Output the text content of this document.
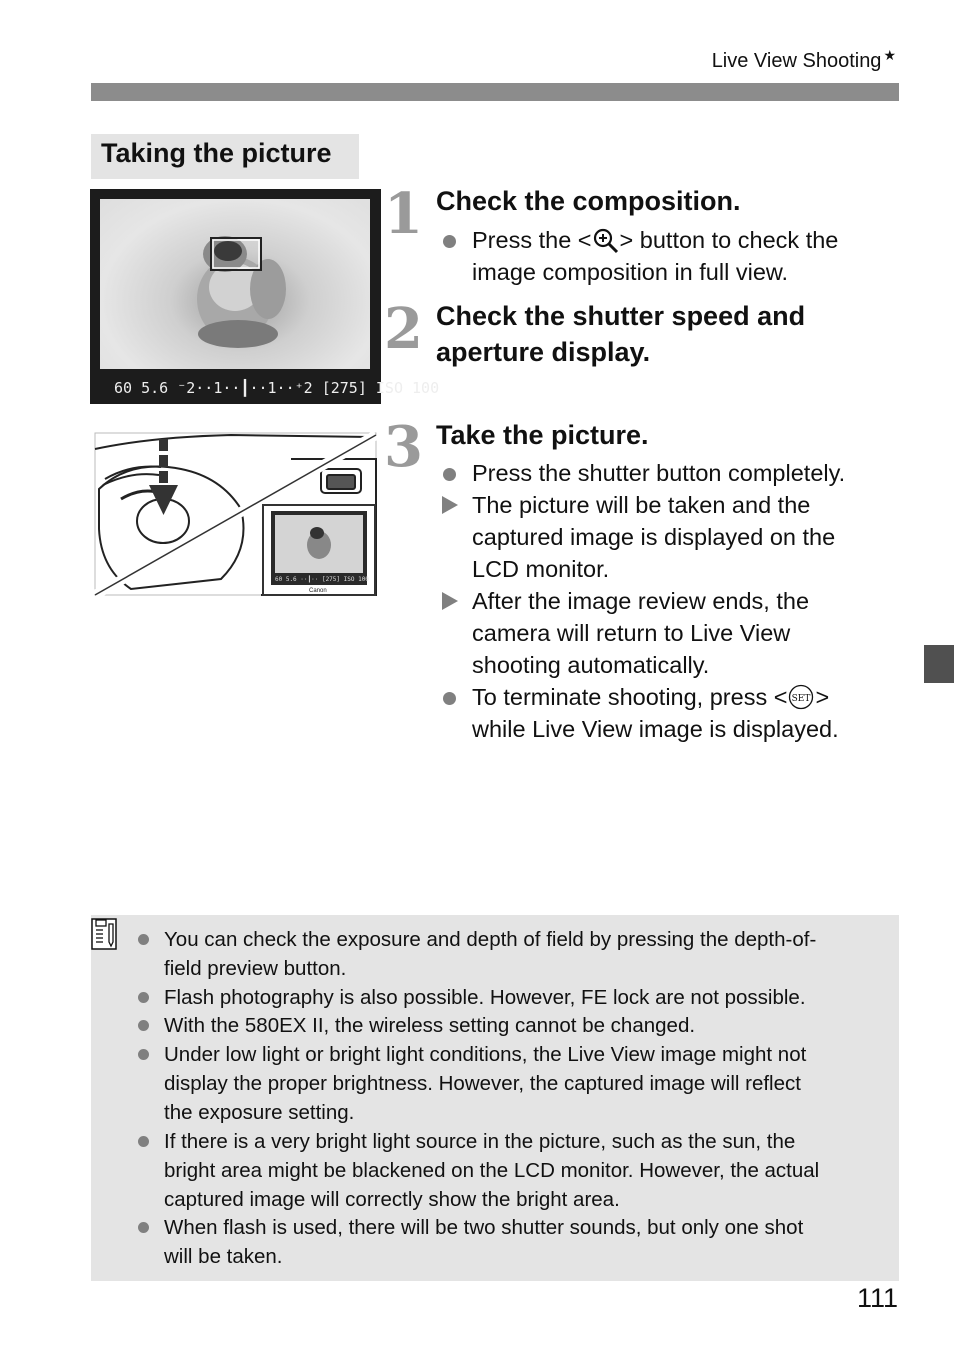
Live View Shooting ★
Taking the picture
60 5.6 ⁻2··1··┃··1··⁺2 [275] ISO 100
60 5.6 ··┃·· [275] ISO 100
Canon
1 Check the composition.
Press the < > button to check the
image composition in full view.
2 Check the shutter speed and
aperture display.
3 Take the picture.
Press the shutter button completely.
The picture will be taken and the
captured image is displayed on the
LCD monitor.
After the image review ends, the
camera will return to Live View
shooting automatically.
To terminate shooting, press < SET >
while Live View image is displayed.
You can check the exposure and depth of field by pressing the depth-of-
field preview button.
Flash photography is also possible. However, FE lock are not possible.
With the 580EX II, the wireless setting cannot be changed.
Under low light or bright light conditions, the Live View image might not
display the proper brightness. However, the captured image will reflect
the exposure setting.
If there is a very bright light source in the picture, such as the sun, the
bright area might be blackened on the LCD monitor. However, the actual
captured image will correctly show the bright area.
When flash is used, there will be two shutter sounds, but only one shot
will be taken.
111
